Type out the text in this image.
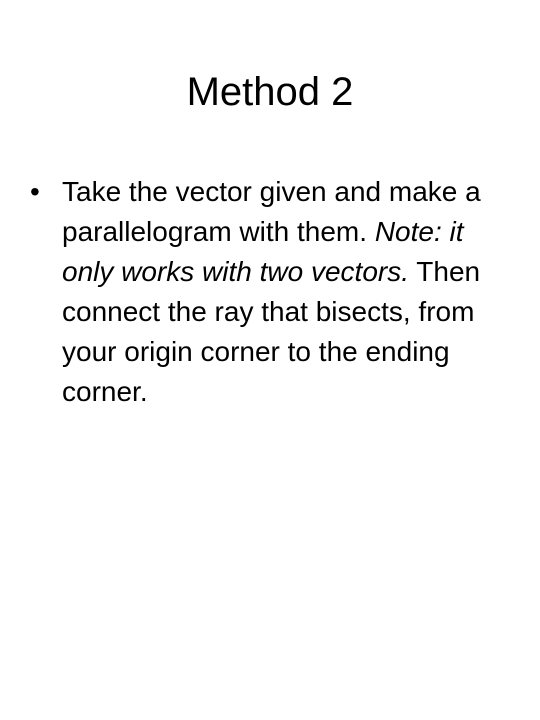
Method 2
• Take the vector given and make a parallelogram with them. Note: it only works with two vectors. Then connect the ray that bisects, from your origin corner to the ending corner.
